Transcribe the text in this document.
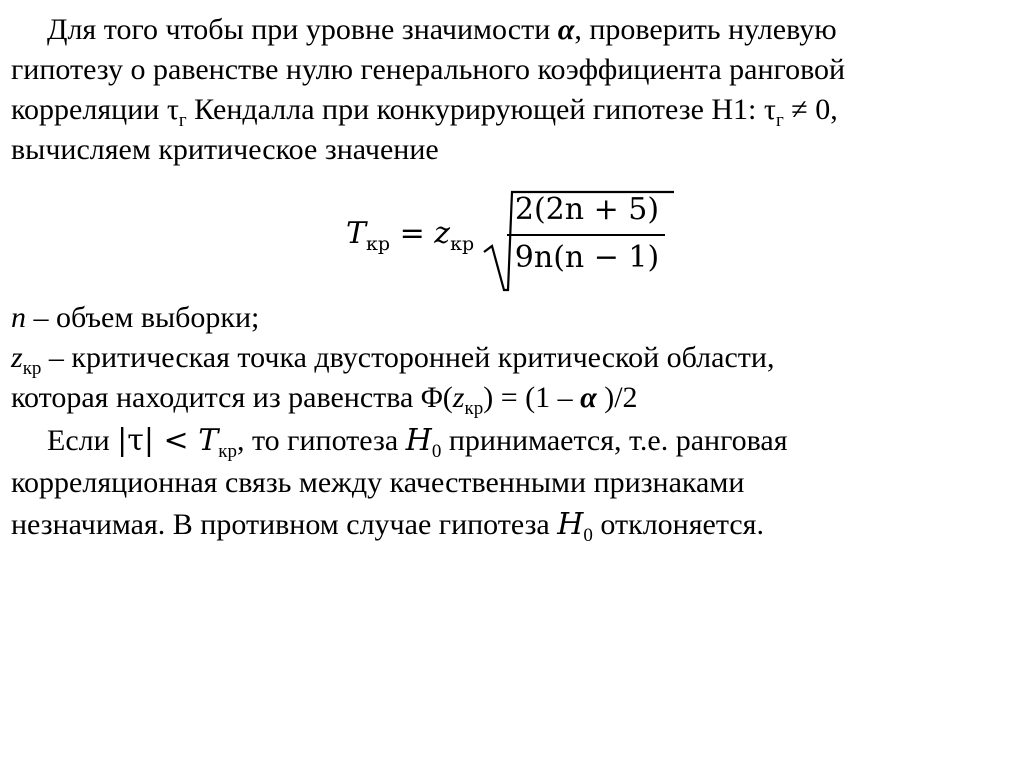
Для того чтобы при уровне значимости α, проверить нулевую
гипотезу о равенстве нулю генерального коэффициента ранговой
корреляции $\tau_г$ Кендалла при конкурирующей гипотезе H1: $\tau_г \ne 0$,
вычисляем критическое значение
$T_{кр} = z_{кр}$
2(2n + 5)
9n(n − 1)
n – объем выборки;
$z_{кр}$ – критическая точка двусторонней критической области,
которая находится из равенства $\Phi(z_{кр}) = (1 - \alpha$ )/2
Если $|\tau| < T_{кр}$, то гипотеза $H_0$ принимается, т.е. ранговая
корреляционная связь между качественными признаками
незначимая. В противном случае гипотеза $H_0$ отклоняется.
